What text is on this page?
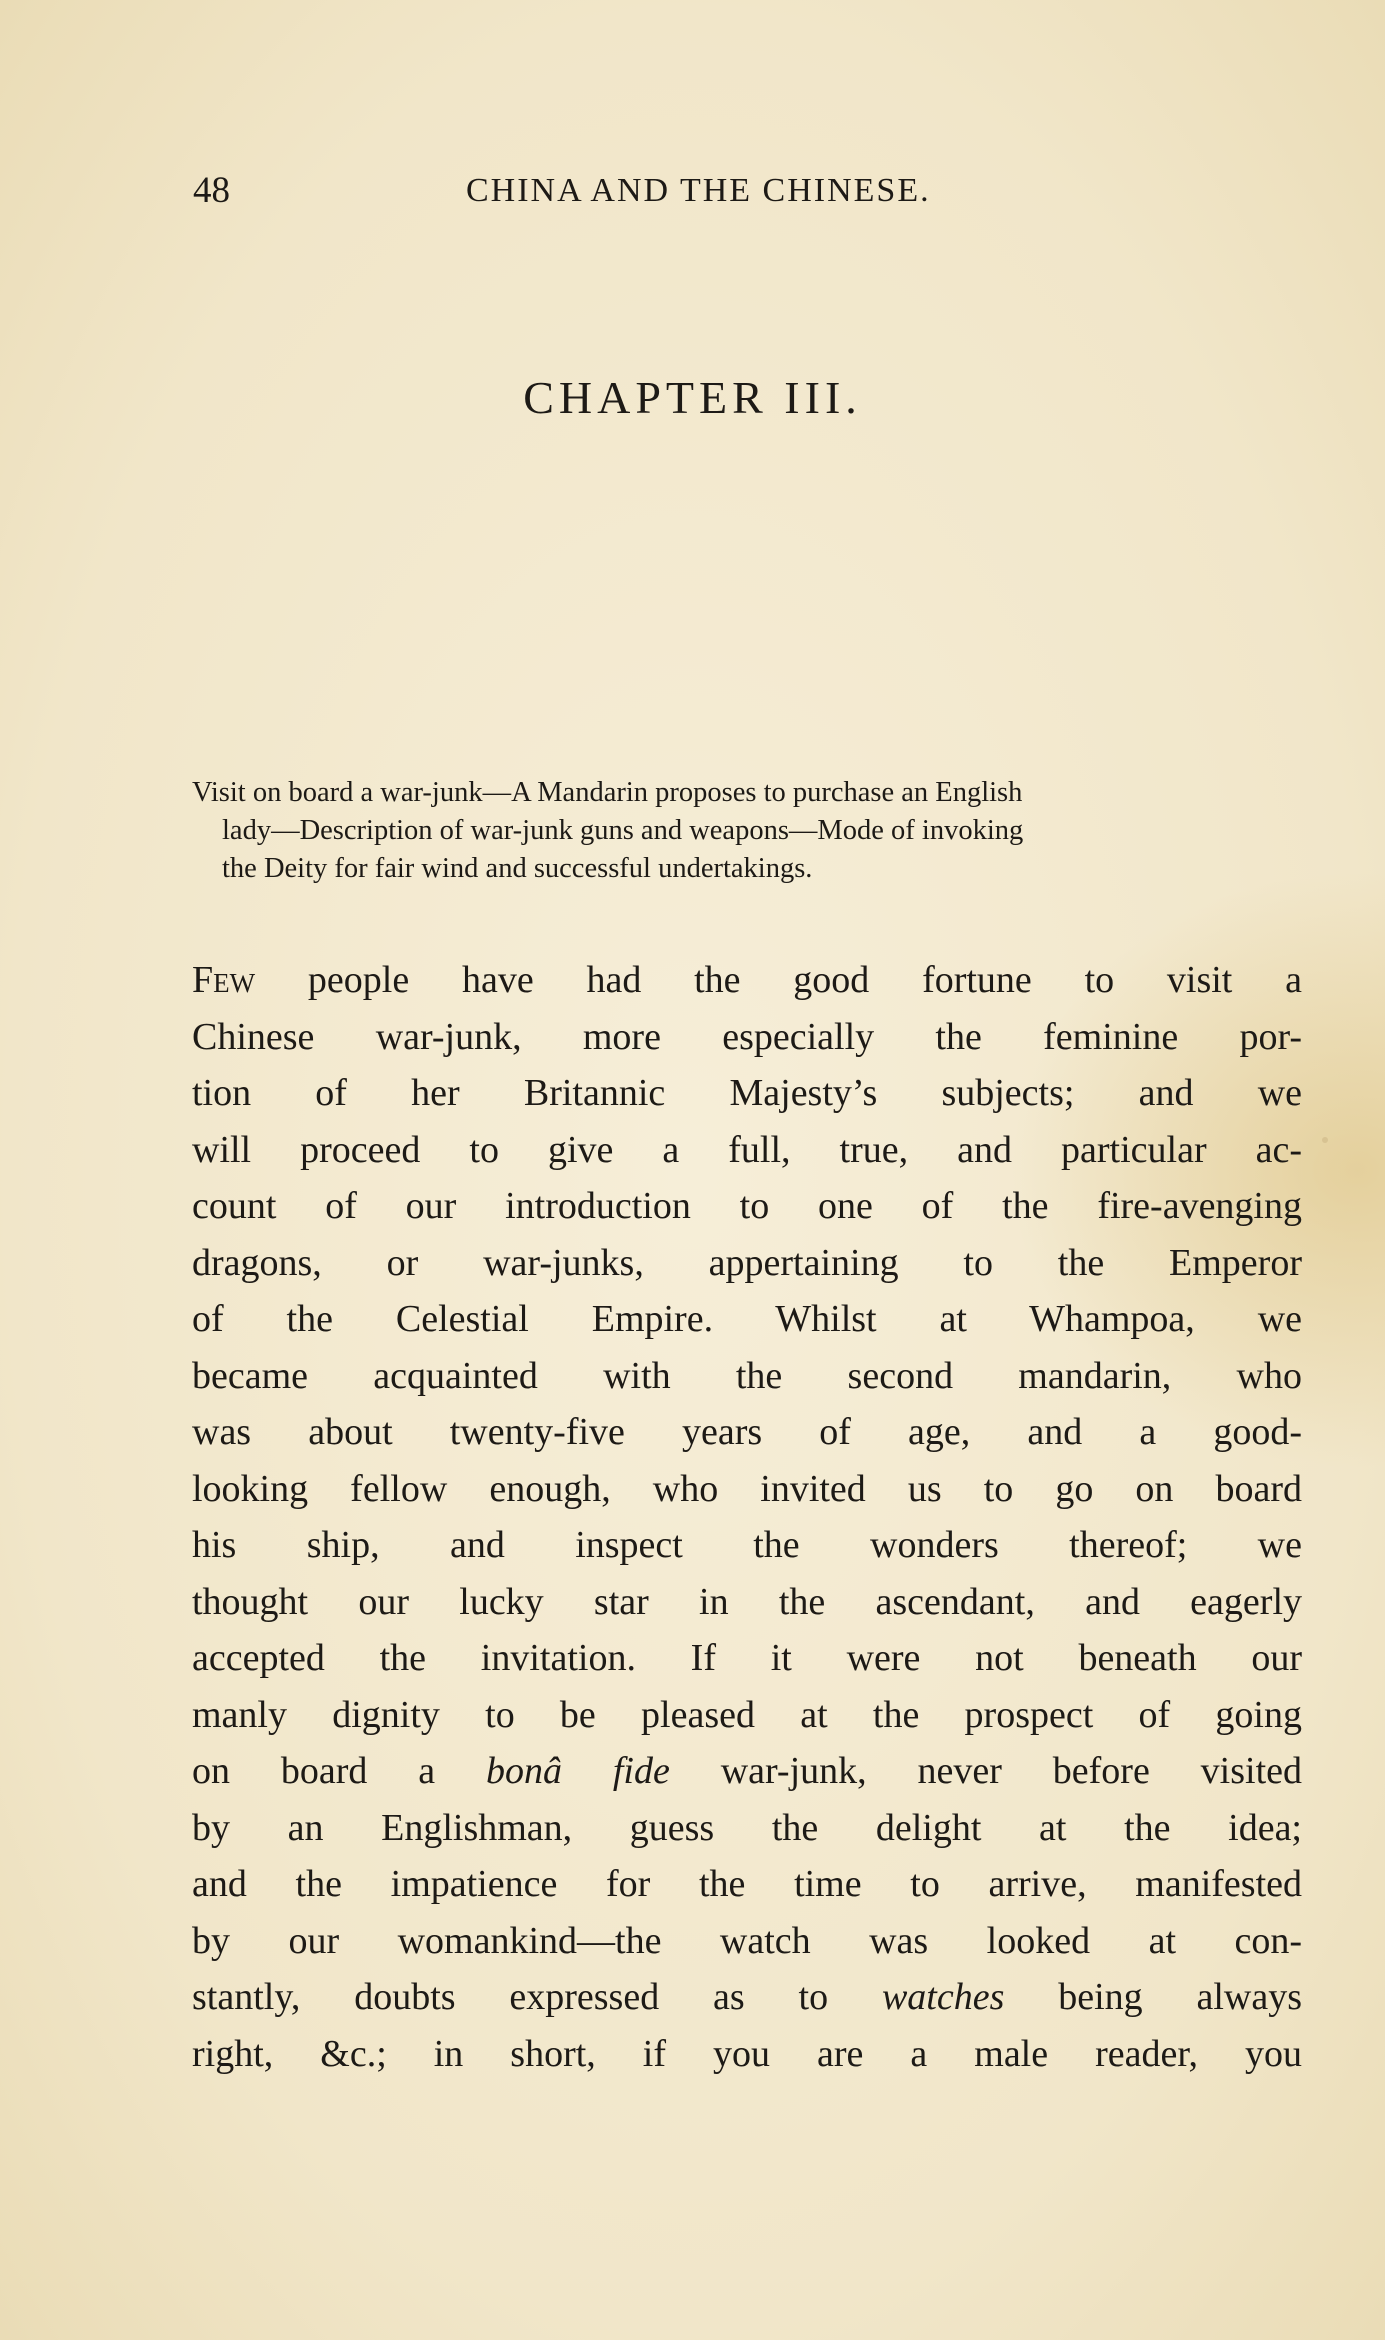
48	CHINA AND THE CHINESE.
CHAPTER III.
Visit on board a war-junk—A Mandarin proposes to purchase an English
lady—Description of war-junk guns and weapons—Mode of invoking
the Deity for fair wind and successful undertakings.
Few people have had the good fortune to visit a
Chinese war-junk, more especially the feminine por-
tion of her Britannic Majesty’s subjects; and we
will proceed to give a full, true, and particular ac-
count of our introduction to one of the fire-avenging
dragons, or war-junks, appertaining to the Emperor
of the Celestial Empire. Whilst at Whampoa, we
became acquainted with the second mandarin, who
was about twenty-five years of age, and a good-
looking fellow enough, who invited us to go on board
his ship, and inspect the wonders thereof; we
thought our lucky star in the ascendant, and eagerly
accepted the invitation. If it were not beneath our
manly dignity to be pleased at the prospect of going
on board a bonâ fide war-junk, never before visited
by an Englishman, guess the delight at the idea;
and the impatience for the time to arrive, manifested
by our womankind—the watch was looked at con-
stantly, doubts expressed as to watches being always
right, &c.; in short, if you are a male reader, you
